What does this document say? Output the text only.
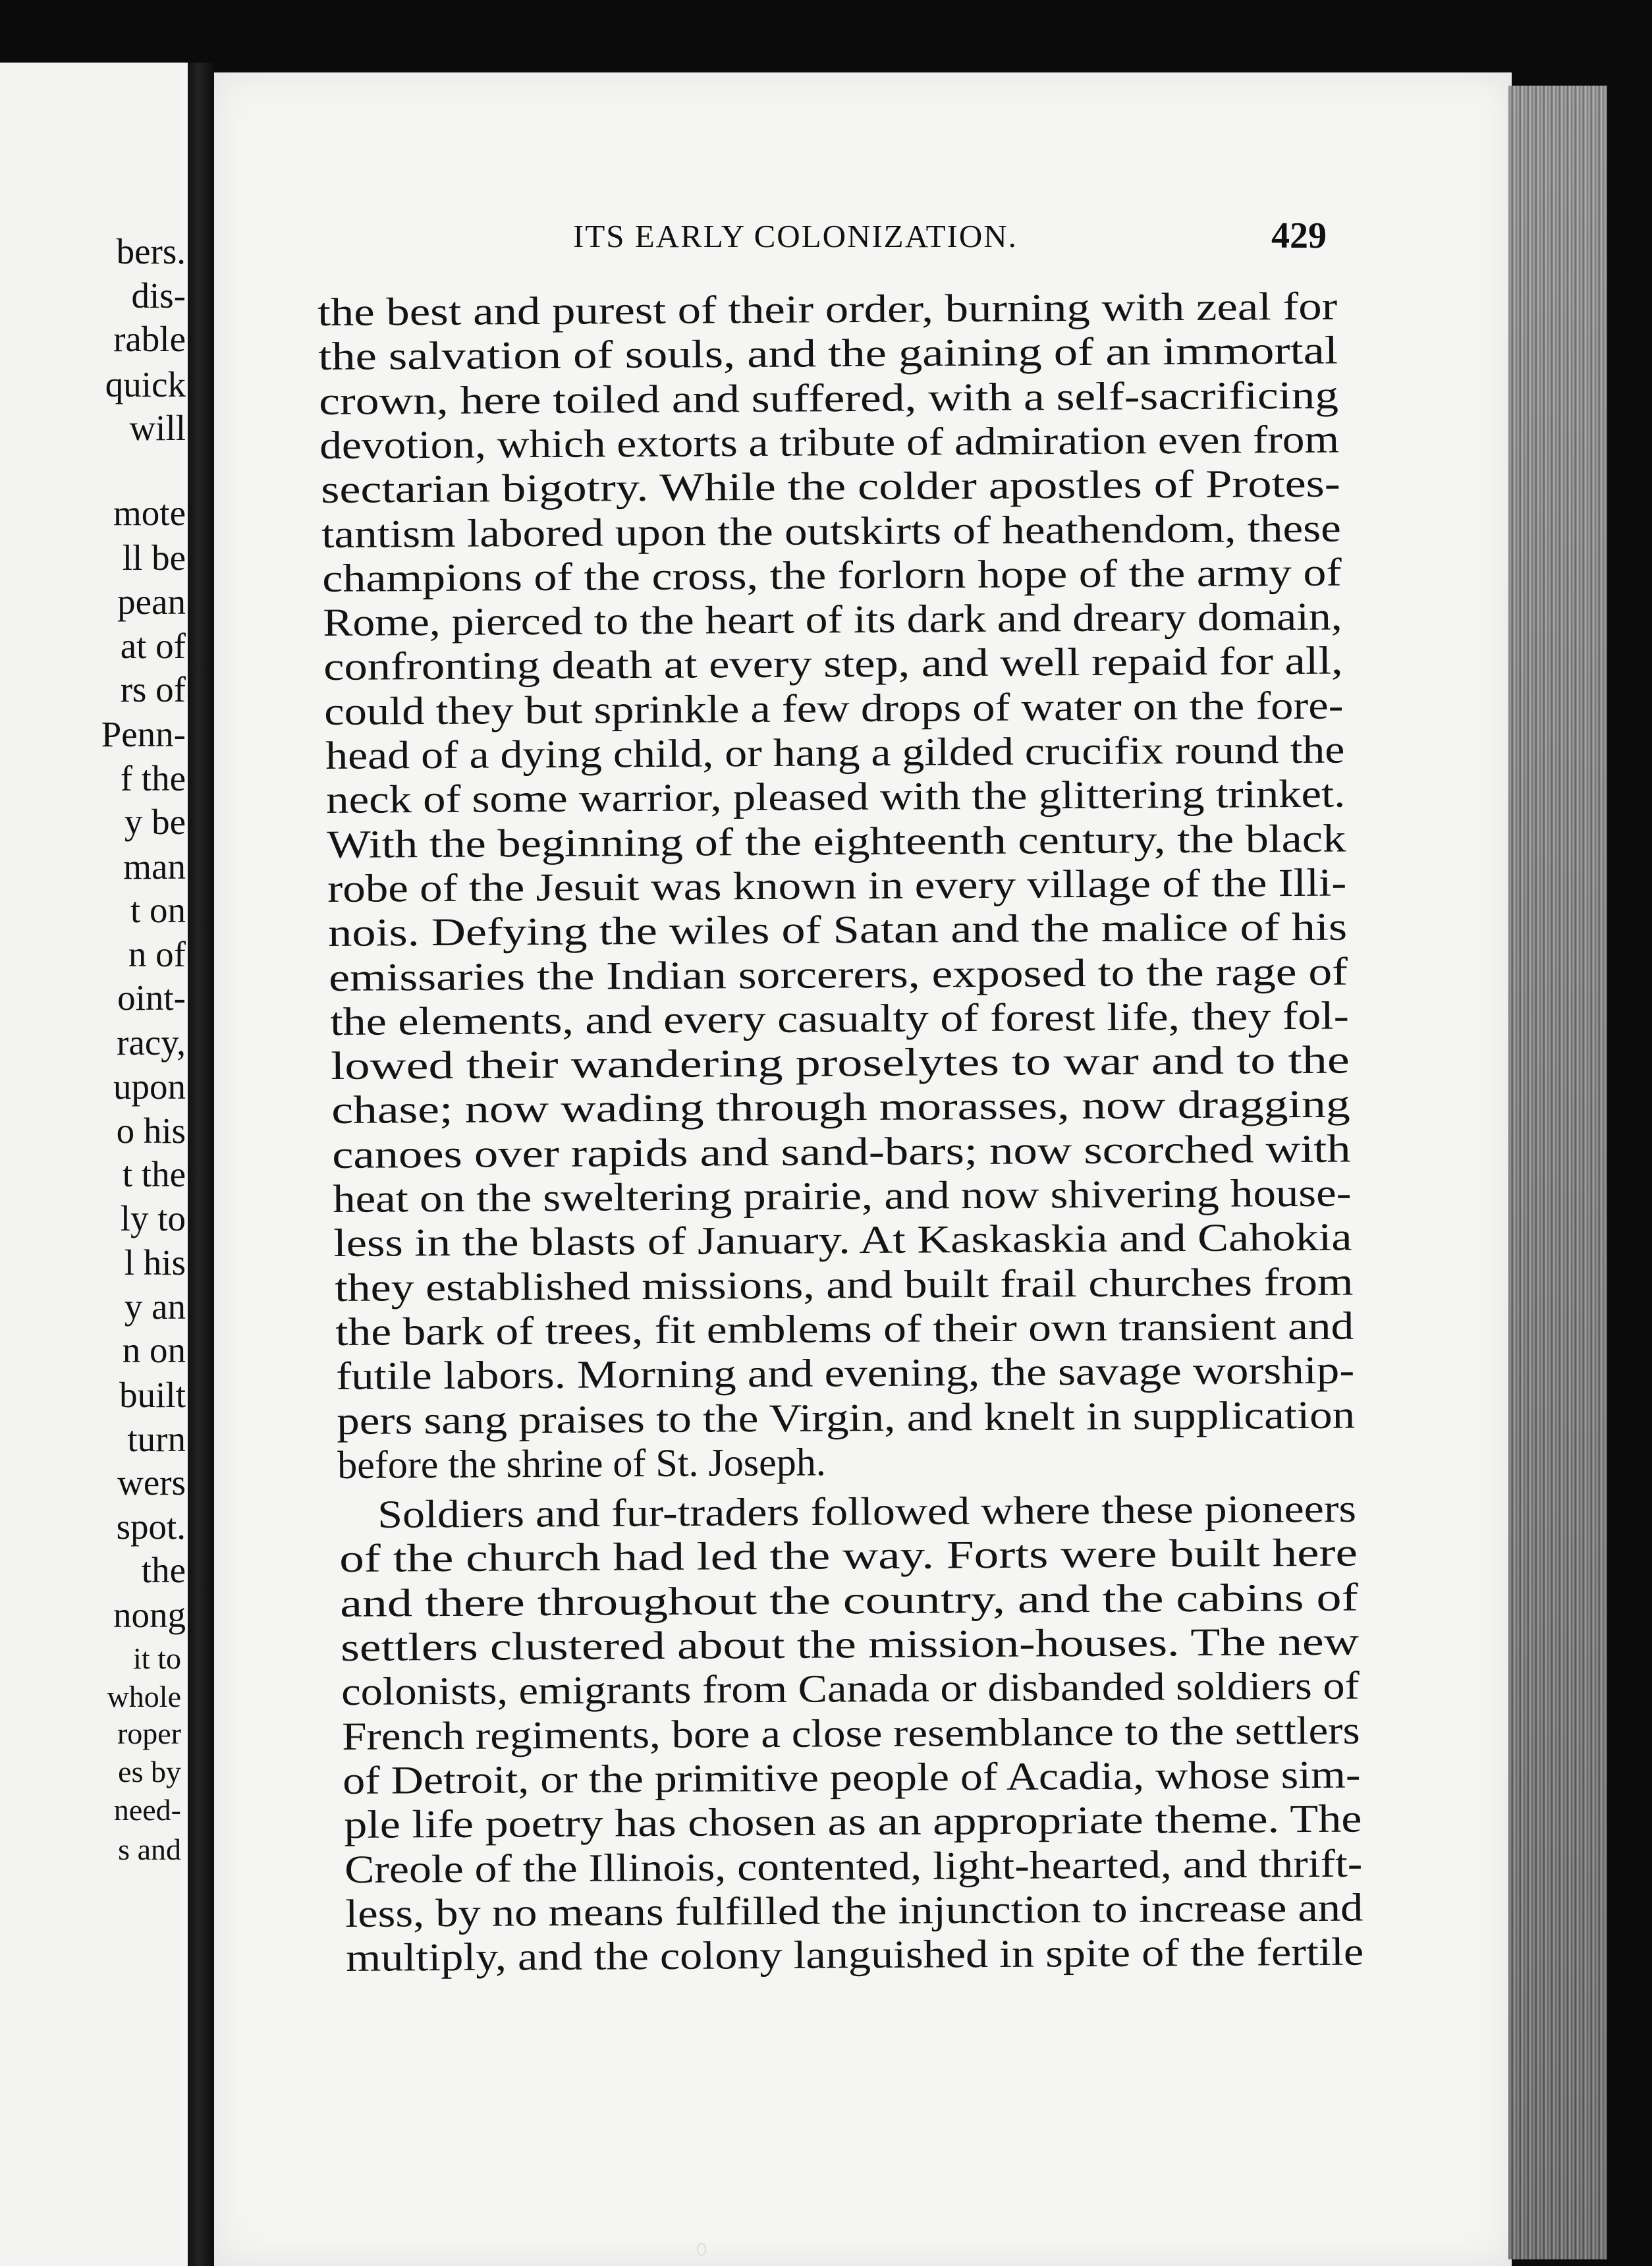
bers.
dis-
rable
quick
will
mote
ll be
pean
at of
rs of
Penn-
f the
y be
man
t on
n of
oint-
racy,
upon
o his
t the
ly to
l his
y an
n on
built
turn
wers
spot.
the
nong
it to
whole
roper
es by
need-
s and
ITS EARLY COLONIZATION.	429
the best and purest of their order, burning with zeal for
the salvation of souls, and the gaining of an immortal
crown, here toiled and suffered, with a self-sacrificing
devotion, which extorts a tribute of admiration even from
sectarian bigotry. While the colder apostles of Protes-
tantism labored upon the outskirts of heathendom, these
champions of the cross, the forlorn hope of the army of
Rome, pierced to the heart of its dark and dreary domain,
confronting death at every step, and well repaid for all,
could they but sprinkle a few drops of water on the fore-
head of a dying child, or hang a gilded crucifix round the
neck of some warrior, pleased with the glittering trinket.
With the beginning of the eighteenth century, the black
robe of the Jesuit was known in every village of the Illi-
nois. Defying the wiles of Satan and the malice of his
emissaries the Indian sorcerers, exposed to the rage of
the elements, and every casualty of forest life, they fol-
lowed their wandering proselytes to war and to the
chase; now wading through morasses, now dragging
canoes over rapids and sand-bars; now scorched with
heat on the sweltering prairie, and now shivering house-
less in the blasts of January. At Kaskaskia and Cahokia
they established missions, and built frail churches from
the bark of trees, fit emblems of their own transient and
futile labors. Morning and evening, the savage worship-
pers sang praises to the Virgin, and knelt in supplication
before the shrine of St. Joseph.
Soldiers and fur-traders followed where these pioneers
of the church had led the way. Forts were built here
and there throughout the country, and the cabins of
settlers clustered about the mission-houses. The new
colonists, emigrants from Canada or disbanded soldiers of
French regiments, bore a close resemblance to the settlers
of Detroit, or the primitive people of Acadia, whose sim-
ple life poetry has chosen as an appropriate theme. The
Creole of the Illinois, contented, light-hearted, and thrift-
less, by no means fulfilled the injunction to increase and
multiply, and the colony languished in spite of the fertile
